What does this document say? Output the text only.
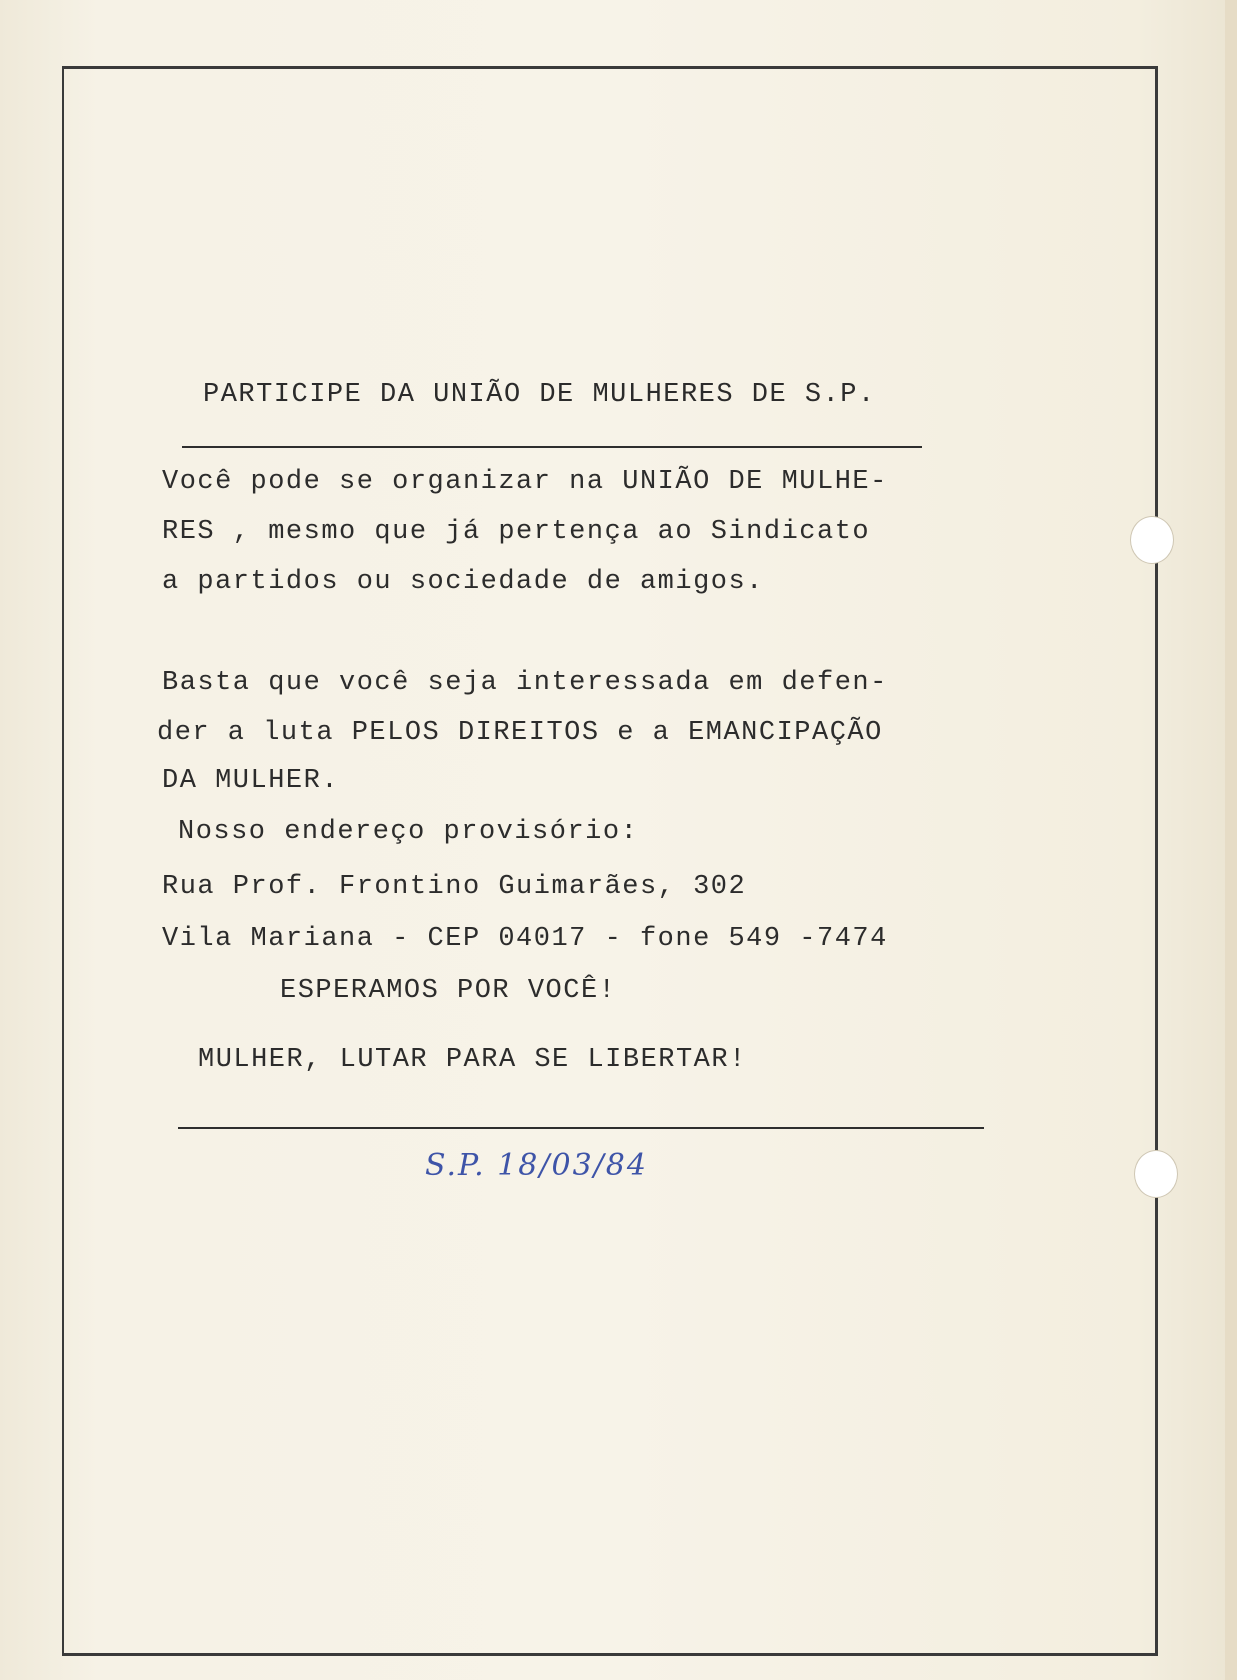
PARTICIPE DA UNIÃO DE MULHERES DE S.P.
Você pode se organizar na UNIÃO DE MULHE-
RES , mesmo que já pertença ao Sindicato
a partidos ou sociedade de amigos.
Basta que você seja interessada em defen-
der a luta PELOS DIREITOS e a EMANCIPAÇÃO
DA MULHER.
Nosso endereço provisório:
Rua Prof. Frontino Guimarães, 302
Vila Mariana - CEP 04017 - fone 549 -7474
ESPERAMOS POR VOCÊ!
MULHER, LUTAR PARA SE LIBERTAR!
S.P. 18/03/84
